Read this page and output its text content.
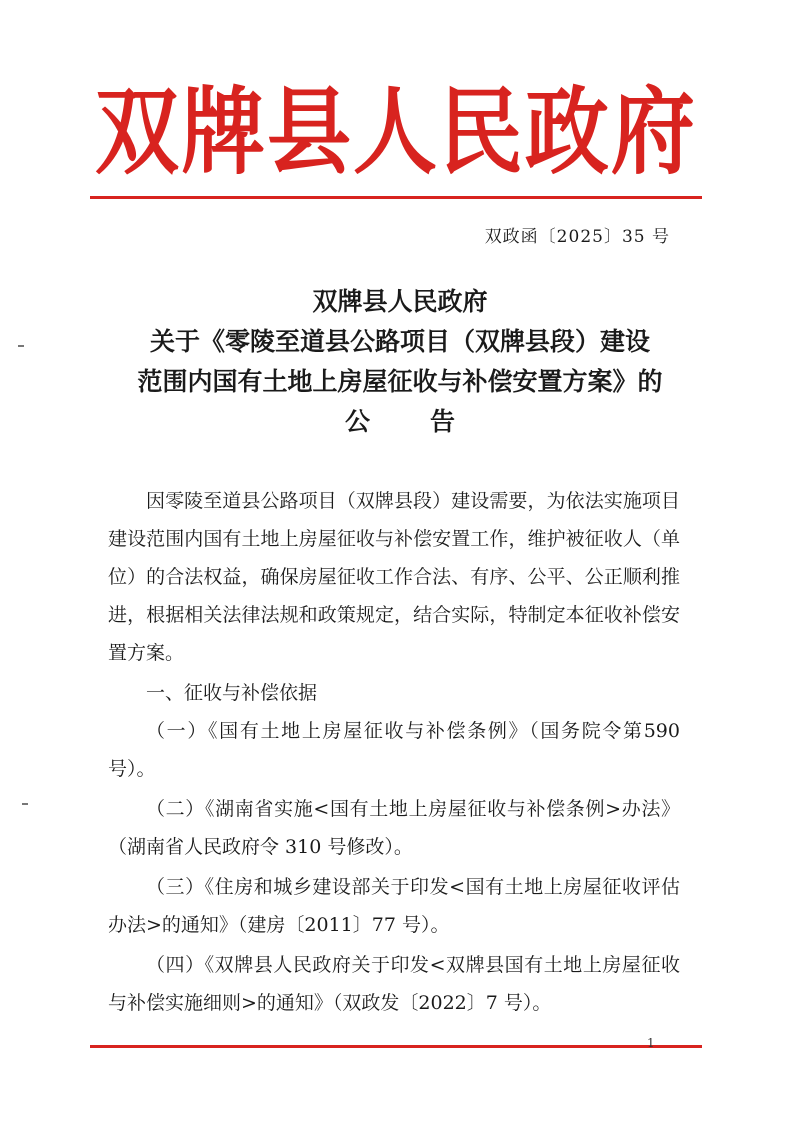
双 牌 县 人 民 政 府
双政函〔2025〕35 号
双牌县人民政府
关于《零陵至道县公路项目（双牌县段）建设
范围内国有土地上房屋征收与补偿安置方案》的
公告

因零陵至道县公路项目（双牌县段）建设需要，为依法实施项目建设范围内国有土地上房屋征收与补偿安置工作，维护被征收人（单位）的合法权益，确保房屋征收工作合法、有序、公平、公正顺利推进，根据相关法律法规和政策规定，结合实际，特制定本征收补偿安置方案。

一、征收与补偿依据

（一）《国有土地上房屋征收与补偿条例》（国务院令第590号）。

（二）《湖南省实施<国有土地上房屋征收与补偿条例>办法》（湖南省人民政府令 310 号修改）。

（三）《住房和城乡建设部关于印发<国有土地上房屋征收评估办法>的通知》（建房〔2011〕77 号）。

（四）《双牌县人民政府关于印发<双牌县国有土地上房屋征收与补偿实施细则>的通知》（双政发〔2022〕7 号）。

1
